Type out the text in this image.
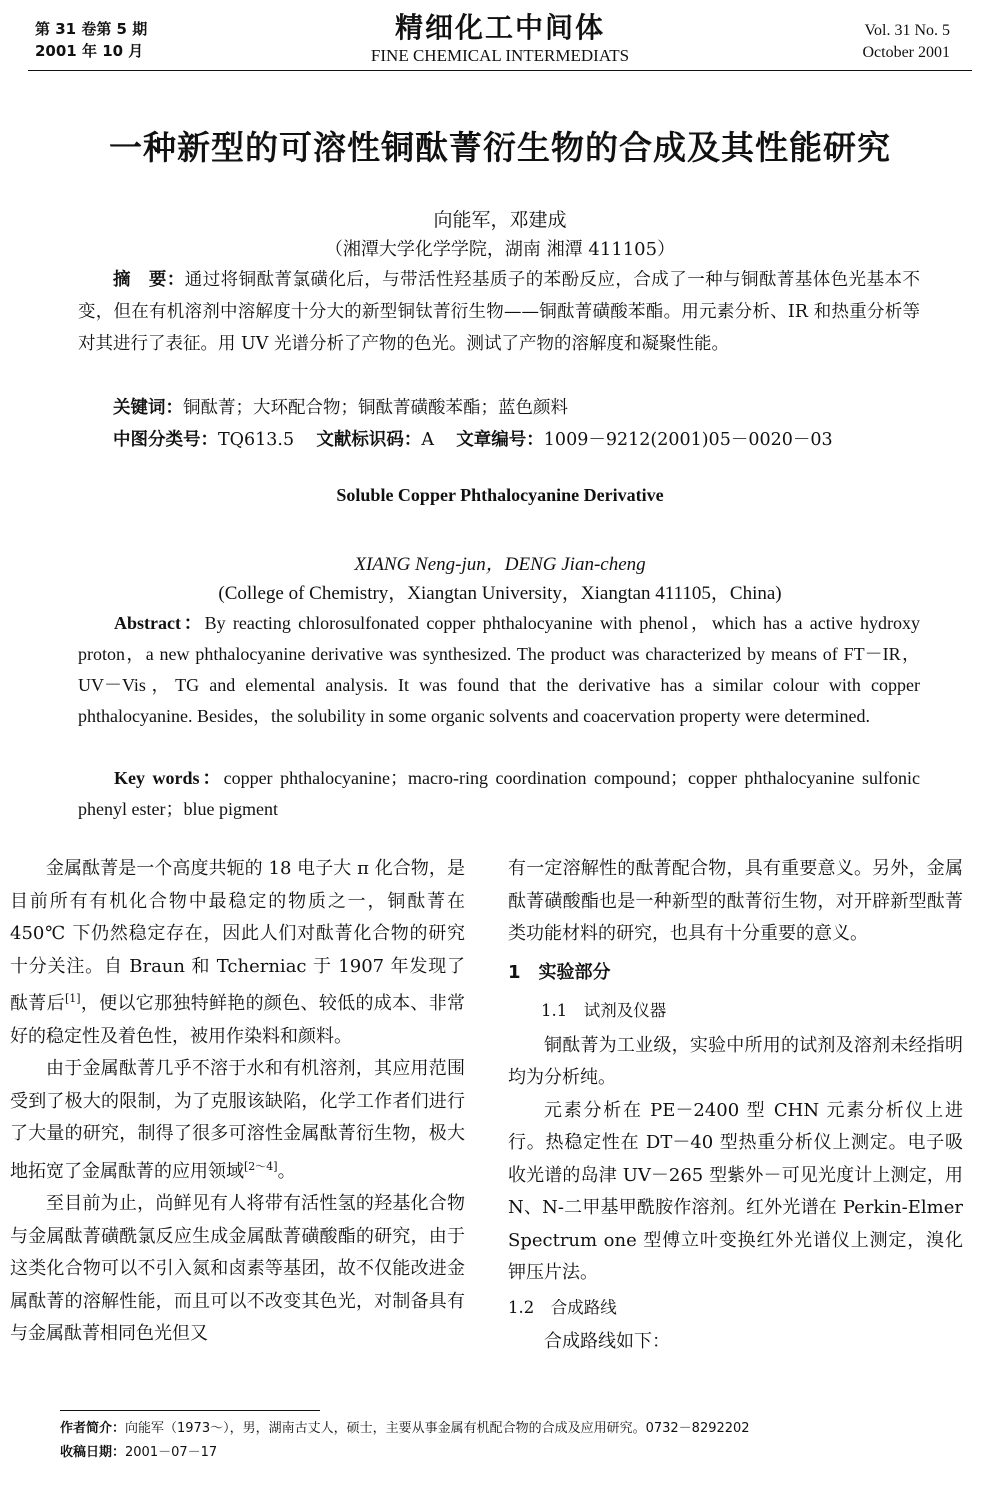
第 31 卷第 5 期
2001 年 10 月
精细化工中间体
FINE CHEMICAL INTERMEDIATS
Vol. 31 No. 5
October 2001
一种新型的可溶性铜酞菁衍生物的合成及其性能研究
向能军，邓建成
（湘潭大学化学学院，湖南 湘潭 411105）
摘　要：通过将铜酞菁氯磺化后，与带活性羟基质子的苯酚反应，合成了一种与铜酞菁基体色光基本不变，但在有机溶剂中溶解度十分大的新型铜钛菁衍生物——铜酞菁磺酸苯酯。用元素分析、IR 和热重分析等对其进行了表征。用 UV 光谱分析了产物的色光。测试了产物的溶解度和凝聚性能。
关键词：铜酞菁；大环配合物；铜酞菁磺酸苯酯；蓝色颜料
中图分类号：TQ613.5 文献标识码：A 文章编号：1009－9212(2001)05－0020－03
Soluble Copper Phthalocyanine Derivative
XIANG Neng-jun，DENG Jian-cheng
(College of Chemistry，Xiangtan University，Xiangtan 411105，China)
Abstract：By reacting chlorosulfonated copper phthalocyanine with phenol，which has a active hydroxy proton，a new phthalocyanine derivative was synthesized. The product was characterized by means of FT－IR，UV－Vis，TG and elemental analysis. It was found that the derivative has a similar colour with copper phthalocyanine. Besides，the solubility in some organic solvents and coacervation property were determined.
Key words：copper phthalocyanine；macro-ring coordination compound；copper phthalocyanine sulfonic phenyl ester；blue pigment

金属酞菁是一个高度共轭的 18 电子大 π 化合物，是目前所有有机化合物中最稳定的物质之一，铜酞菁在 450℃ 下仍然稳定存在，因此人们对酞菁化合物的研究十分关注。自 Braun 和 Tcherniac 于 1907 年发现了酞菁后[1]，便以它那独特鲜艳的颜色、较低的成本、非常好的稳定性及着色性，被用作染料和颜料。

由于金属酞菁几乎不溶于水和有机溶剂，其应用范围受到了极大的限制，为了克服该缺陷，化学工作者们进行了大量的研究，制得了很多可溶性金属酞菁衍生物，极大地拓宽了金属酞菁的应用领域[2～4]。

至目前为止，尚鲜见有人将带有活性氢的羟基化合物与金属酞菁磺酰氯反应生成金属酞菁磺酸酯的研究，由于这类化合物可以不引入氮和卤素等基团，故不仅能改进金属酞菁的溶解性能，而且可以不改变其色光，对制备具有与金属酞菁相同色光但又

有一定溶解性的酞菁配合物，具有重要意义。另外，金属酞菁磺酸酯也是一种新型的酞菁衍生物，对开辟新型酞菁类功能材料的研究，也具有十分重要的意义。

1　实验部分
1.1　试剂及仪器

铜酞菁为工业级，实验中所用的试剂及溶剂未经指明均为分析纯。

元素分析在 PE－2400 型 CHN 元素分析仪上进行。热稳定性在 DT－40 型热重分析仪上测定。电子吸收光谱的岛津 UV－265 型紫外－可见光度计上测定，用 N、N-二甲基甲酰胺作溶剂。红外光谱在 Perkin-Elmer Spectrum one 型傅立叶变换红外光谱仪上测定，溴化钾压片法。

1.2　合成路线

合成路线如下：

作者简介：向能军（1973～），男，湖南古丈人，硕士，主要从事金属有机配合物的合成及应用研究。0732－8292202
收稿日期：2001－07－17
